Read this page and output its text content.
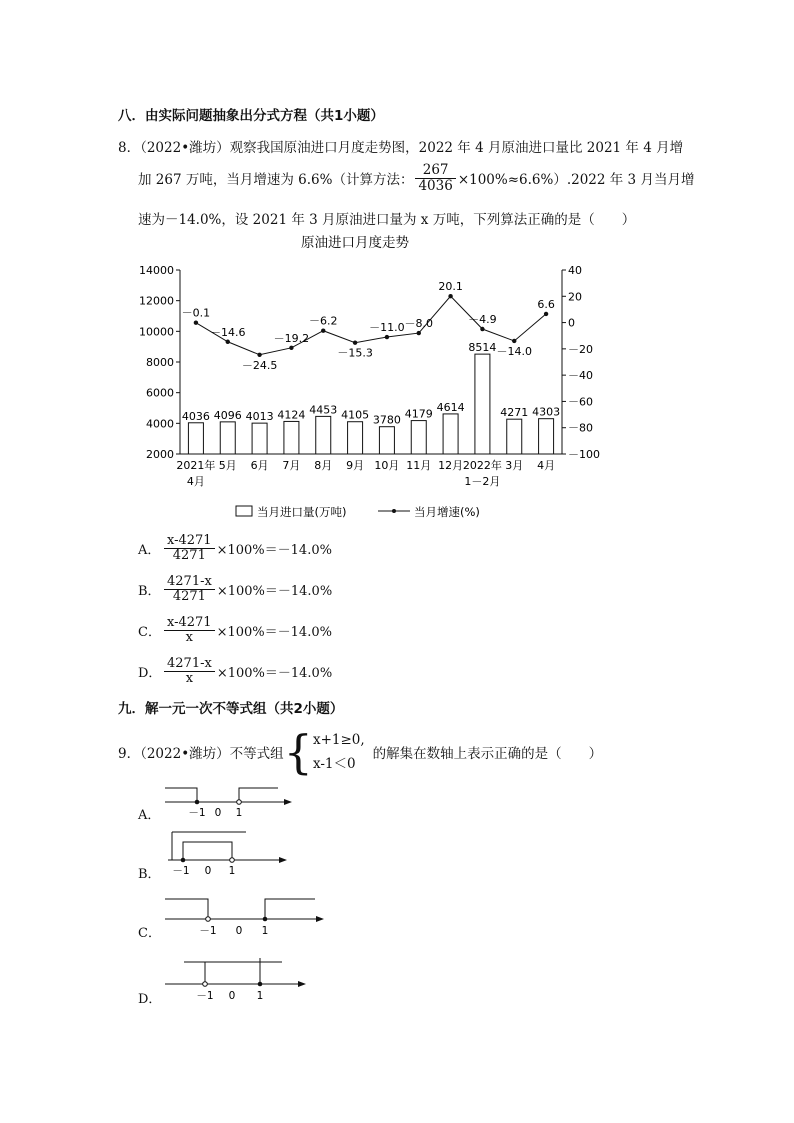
八．由实际问题抽象出分式方程（共1小题）
8．（2022•潍坊）观察我国原油进口月度走势图，2022 年 4 月原油进口量比 2021 年 4 月增
加 267 万吨，当月增速为 6.6%（计算方法： $\frac{267}{4036} \times 100\%\approx 6.6\%).2022$ 年 3 月当月增
速为－14.0%，设 2021 年 3 月原油进口量为 x 万吨，下列算法正确的是（　　）
原油进口月度走势
14000
12000
10000
8000
6000
4000
2000
40
20
0
－20
－40
－60
－80
－100
4036 4096 4013 4124 4453 4105 3780 4179
4614
8514
4271 4303
－0.1
－14.6
－24.5
－19.2
－6.2
－15.3
－11.0 －8.0
20.1
－4.9
－14.0
6.6
2021年
4月
5月 6月 7月 8月 9月 10月 11月 12月 2022年
1－2月
3月 4月
当月进口量(万吨)	当月增速(%)
A． $\frac{x-4271}{4271} \times 100\%=-14.0\%$
B． $\frac{4271-x}{4271} \times 100\%=-14.0\%$
C． $\frac{x-4271}{x} \times 100\%=-14.0\%$
D． $\frac{4271-x}{x} \times 100\%=-14.0\%$
九．解一元一次不等式组（共2小题）
9．（2022•潍坊）不等式组 { x+1≥0,
x-1＜0
的解集在数轴上表示正确的是（　　）
A．	－1 0 1
B． －1 0 1
C．	－1 0 1
D．	－1 0 1
